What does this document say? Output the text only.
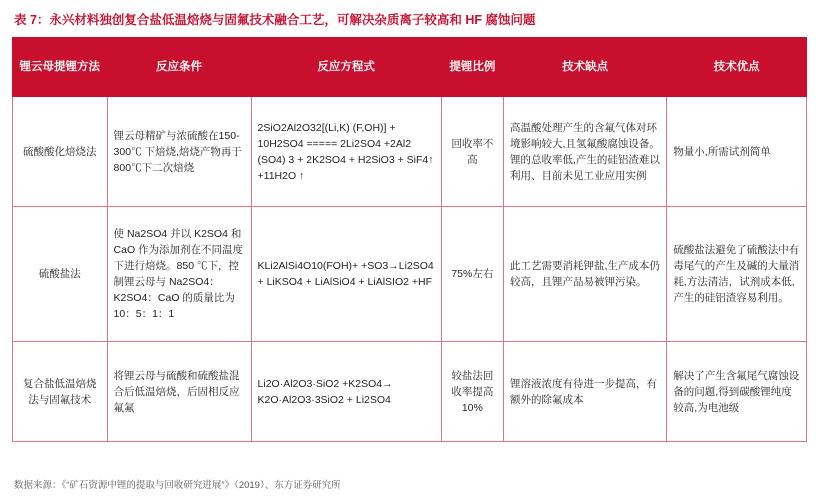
表 7：永兴材料独创复合盐低温焙烧与固氟技术融合工艺，可解决杂质离子较高和 HF 腐蚀问题
锂云母提锂方法	反应条件	反应方程式	提锂比例	技术缺点	技术优点
硫酸酸化焙烧法	锂云母精矿与浓硫酸在150-300℃ 下焙烧,焙烧产物再于 800℃下二次焙烧	2SiO2Al2O32[(Li,K) (F,OH)] + 10H2SO4 ===== 2Li2SO4 +2Al2 (SO4) 3 + 2K2SO4 + H2SiO3 + SiF4↑ +11H2O ↑	回收率不高	高温酸处理产生的含氟气体对环境影响较大,且氢氟酸腐蚀设备。锂的总收率低,产生的硅铝渣难以利用、目前未见工业应用实例	物量小,所需试剂简单
硫酸盐法	使 Na2SO4 并以 K2SO4 和 CaO 作为添加剂在不同温度下进行焙烧。850 ℃下，控制锂云母与 Na2SO4：K2SO4：CaO 的质量比为 10：5：1：1	KLi2AlSi4O10(FOH)+ +SO3→Li2SO4 + LiKSO4 + LiAlSiO4 + LiAlSIO2 +HF	75%左右	此工艺需要消耗钾盐,生产成本仍较高，且锂产品易被钾污染。	硫酸盐法避免了硫酸法中有毒尾气的产生及碱的大量消耗,方法清洁，试剂成本低,产生的硅铝渣容易利用。
复合盐低温焙烧法与固氟技术	将锂云母与硫酸和硫酸盐混合后低温焙烧，后固相反应氟氟	Li2O·Al2O3·SiO2 +K2SO4→ K2O·Al2O3·3SiO2 + Li2SO4	较盐法回收率提高10%	锂溶液浓度有待进一步提高，有额外的除氟成本	解决了产生含氟尾气腐蚀设备的问题,得到碳酸锂纯度较高,为电池级
数据来源：《“矿石资源中锂的提取与回收研究进展”》（2019）、东方证券研究所
